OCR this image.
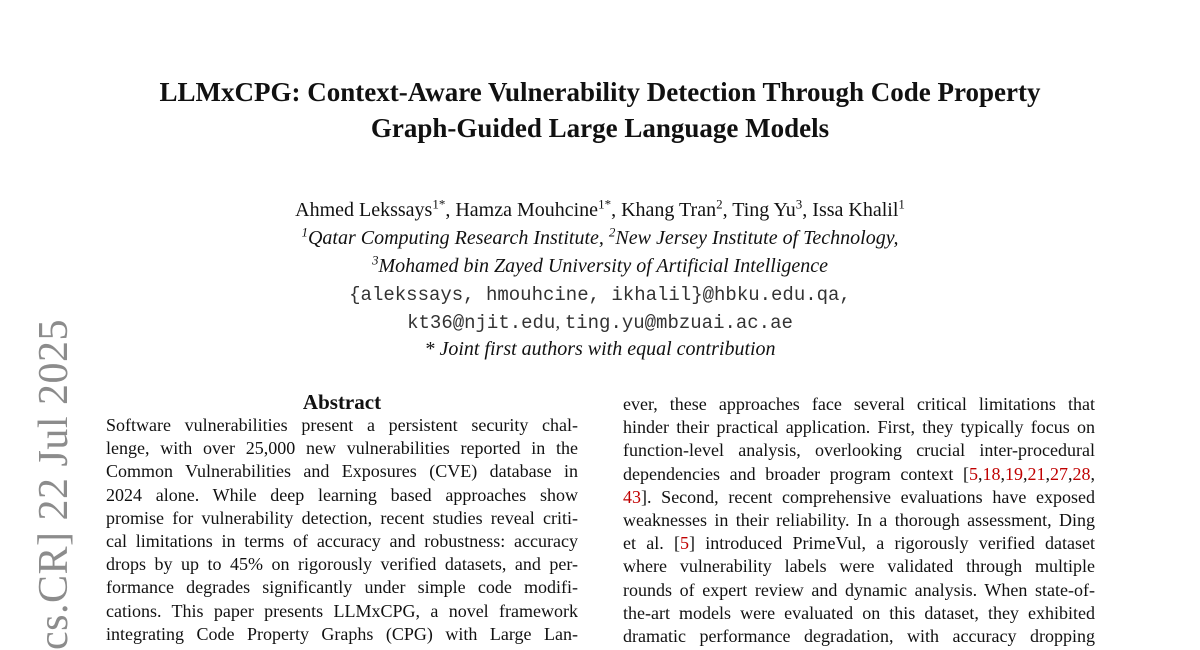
LLMxCPG: Context-Aware Vulnerability Detection Through Code Property
Graph-Guided Large Language Models
Ahmed Lekssays$^{1*}$, Hamza Mouhcine$^{1*}$, Khang Tran$^2$, Ting Yu$^3$, Issa Khalil$^1$
$^1$Qatar Computing Research Institute, $^2$New Jersey Institute of Technology,
$^3$Mohamed bin Zayed University of Artificial Intelligence
{alekssays, hmouhcine, ikhalil}@hbku.edu.qa,
kt36@njit.edu, ting.yu@mbzuai.ac.ae
* Joint first authors with equal contribution
cs.CR] 22 Jul 2025	Abstract
Software vulnerabilities present a persistent security chal-
lenge, with over 25,000 new vulnerabilities reported in the
Common Vulnerabilities and Exposures (CVE) database in
2024 alone. While deep learning based approaches show
promise for vulnerability detection, recent studies reveal criti-
cal limitations in terms of accuracy and robustness: accuracy
drops by up to 45% on rigorously verified datasets, and per-
formance degrades significantly under simple code modifi-
cations. This paper presents LLMxCPG, a novel framework
integrating Code Property Graphs (CPG) with Large Lan-
ever, these approaches face several critical limitations that
hinder their practical application. First, they typically focus on
function-level analysis, overlooking crucial inter-procedural
dependencies and broader program context [5,18,19,21,27,28,
43]. Second, recent comprehensive evaluations have exposed
weaknesses in their reliability. In a thorough assessment, Ding
et al. [5] introduced PrimeVul, a rigorously verified dataset
where vulnerability labels were validated through multiple
rounds of expert review and dynamic analysis. When state-of-
the-art models were evaluated on this dataset, they exhibited
dramatic performance degradation, with accuracy dropping
